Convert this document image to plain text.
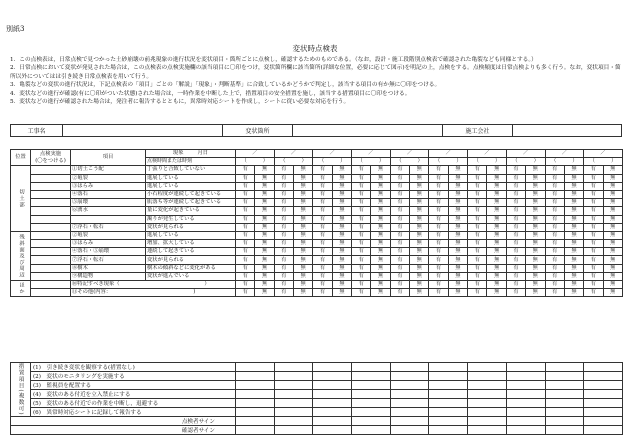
別紙3
変状時点検表
1．この点検表は，日常点検で見つかった土砂崩壊の前兆現象の進行状況を変状項目・箇所ごとに点検し，確認するためのものである。（なお，設計・施工段階別点検表で確認された亀裂なども同様とする。）
2．日常点検において変状が発見された場合は，この点検表の点検実施欄の該当項目に〇印をつけ，変状箇所欄に該当箇所(詳細な位置，必要に応じて図示)を明記の上，点検をする。点検頻度は日常点検よりも多く行う。なお，変状項目・箇所以外についてはは引き続き日常点検表を用いて行う。
3．亀裂などの変状の進行状況は，下記点検表の「項目」ごとの「解説」「現象」・判断基準」に合致しているかどうかで判定し，該当する項目の有か無に〇印をつける。
4．変状などの進行が確認(有に〇印がついた状態)された場合は，一時作業を中断した上で，措置項目の安全措置を施し，該当する措置項目に〇印をつける。
5．変状などの進行が確認された場合は，発注者に報告するとともに，異常時対応シートを作成し，シートに従い必要な対応を行う。
工事名		変状箇所		施工会社	
位置	点検実施
(〇をつける)	項目	現象 月日	／		／		／		／		／		／		／		／		／		／	
			点検時間または時刻	（　　　）		（　　　）		（　　　）		（　　　）		（　　　）		（　　　）		（　　　）		（　　　）		（　　　）		（　　　）	
切土部		①切土こう配	丁張りと合致していない	有	無	有	無	有	無	有	無	有	無	有	無	有	無	有	無	有	無	有	無
		②亀裂	進展している	有	無	有	無	有	無	有	無	有	無	有	無	有	無	有	無	有	無	有	無
		③はらみ	進展している	有	無	有	無	有	無	有	無	有	無	有	無	有	無	有	無	有	無	有	無
		④落石	小石程度が連続して起きている	有	無	有	無	有	無	有	無	有	無	有	無	有	無	有	無	有	無	有	無
		⑤崩壊	肌落ち等が連続して起きている	有	無	有	無	有	無	有	無	有	無	有	無	有	無	有	無	有	無	有	無
		⑥湧水	量に変化が起きている	有	無	有	無	有	無	有	無	有	無	有	無	有	無	有	無	有	無	有	無
			濁りが発生している	有	無	有	無	有	無	有	無	有	無	有	無	有	無	有	無	有	無	有	無
		⑦浮石・転石	変状が見られる	有	無	有	無	有	無	有	無	有	無	有	無	有	無	有	無	有	無	有	無
残斜面及び周辺		②亀裂	進展している	有	無	有	無	有	無	有	無	有	無	有	無	有	無	有	無	有	無	有	無
		③はらみ	増加、拡大している	有	無	有	無	有	無	有	無	有	無	有	無	有	無	有	無	有	無	有	無
		④落石・⑤崩壊	連続して起きている	有	無	有	無	有	無	有	無	有	無	有	無	有	無	有	無	有	無	有	無
		⑦浮石・転石	変状が見られる	有	無	有	無	有	無	有	無	有	無	有	無	有	無	有	無	有	無	有	無
		⑧樹木	樹木の傾斜などに変化がある	有	無	有	無	有	無	有	無	有	無	有	無	有	無	有	無	有	無	有	無
		⑨構造物	変状が進んでいる	有	無	有	無	有	無	有	無	有	無	有	無	有	無	有	無	有	無	有	無
ほか		⑩特記すべき現象（　　　　　　　　　　　　　　　　）		有	無	有	無	有	無	有	無	有	無	有	無	有	無	有	無	有	無	有	無
		⑪その他(内容：　　　　　　　　　　　　　　　　)		有	無	有	無	有	無	有	無	有	無	有	無	有	無	有	無	有	無	有	無
措置項目(複数可)	(1)　引き続き変状を観察する(措置なし)										
	(2)　変状のモニタリングを実施する										
	(3)　監視員を配置する										
	(4)　変状のある付近を立入禁止にする										
	(5)　変状のある付近での作業を中断し，退避する										
	(6)　異常時対応シートに記録して報告する										
点検者サイン											
確認者サイン											
